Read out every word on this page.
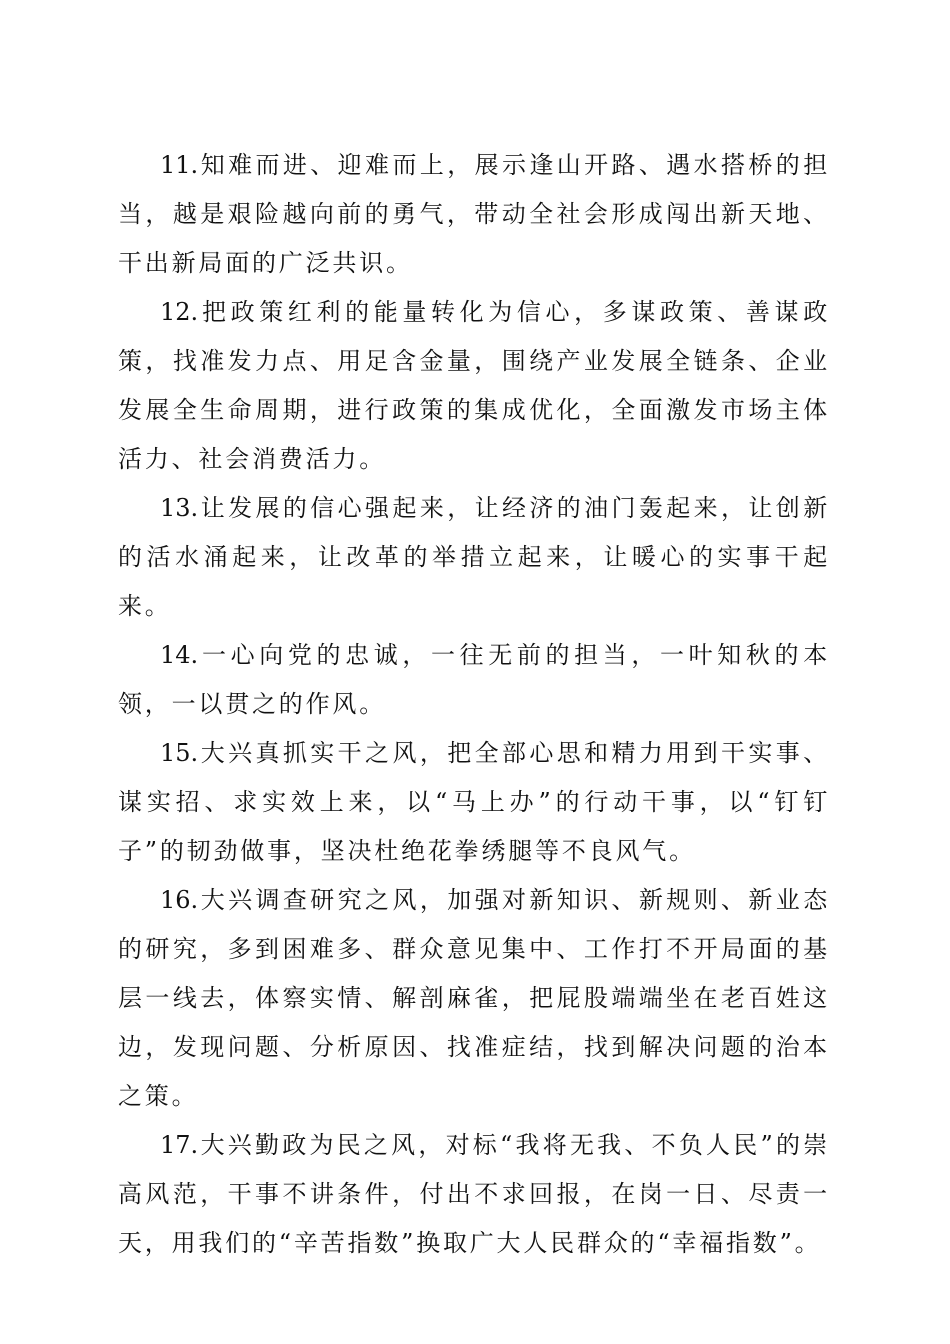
11.知难而进、迎难而上，展示逢山开路、遇水搭桥的担当，越是艰险越向前的勇气，带动全社会形成闯出新天地、干出新局面的广泛共识。

12.把政策红利的能量转化为信心，多谋政策、善谋政策，找准发力点、用足含金量，围绕产业发展全链条、企业发展全生命周期，进行政策的集成优化，全面激发市场主体活力、社会消费活力。

13.让发展的信心强起来，让经济的油门轰起来，让创新的活水涌起来，让改革的举措立起来，让暖心的实事干起来。

14.一心向党的忠诚，一往无前的担当，一叶知秋的本领，一以贯之的作风。

15.大兴真抓实干之风，把全部心思和精力用到干实事、谋实招、求实效上来，以“马上办”的行动干事，以“钉钉子”的韧劲做事，坚决杜绝花拳绣腿等不良风气。

16.大兴调查研究之风，加强对新知识、新规则、新业态的研究，多到困难多、群众意见集中、工作打不开局面的基层一线去，体察实情、解剖麻雀，把屁股端端坐在老百姓这边，发现问题、分析原因、找准症结，找到解决问题的治本之策。

17.大兴勤政为民之风，对标“我将无我、不负人民”的崇高风范，干事不讲条件，付出不求回报，在岗一日、尽责一天，用我们的“辛苦指数”换取广大人民群众的“幸福指数”。
